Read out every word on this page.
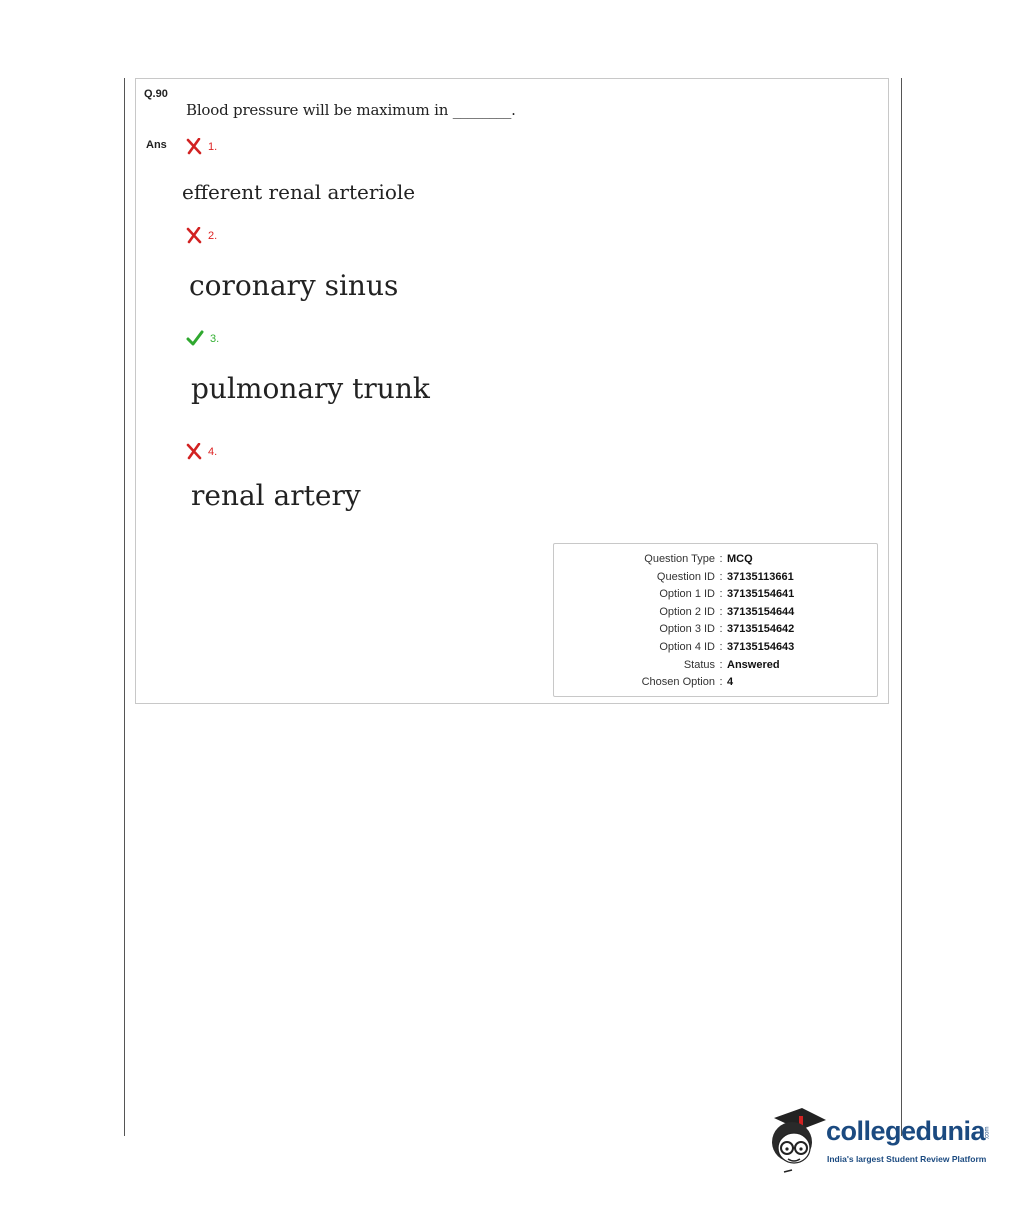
Q.90
Blood pressure will be maximum in ________.
Ans	1.
efferent renal arteriole
2.
coronary sinus
3.
pulmonary trunk
4.
renal artery
Question Type : MCQ
Question ID : 37135113661
Option 1 ID : 37135154641
Option 2 ID : 37135154644
Option 3 ID : 37135154642
Option 4 ID : 37135154643
Status : Answered
Chosen Option : 4
collegedunia .com
India's largest Student Review Platform
